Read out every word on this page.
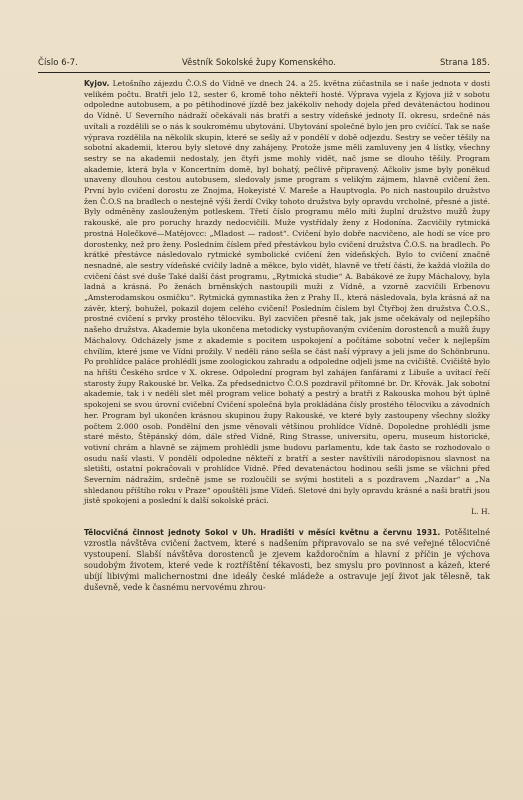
Číslo 6-7.	Věstník Sokolské župy Komenského.	Strana 185.

Kyjov. Letošního zájezdu Č.O.S do Vídně ve dnech 24. a 25. května zúčastnila se i naše jednota v dosti velikém počtu. Bratři jelo 12, sester 6, kromě toho někteří hosté. Výprava vyjela z Kyjova již v sobotu odpoledne autobusem, a po pětihodinové jízdě bez jakékoliv nehody dojela před devátenáctou hodinou do Vídně. U Severního nádraží očekávali nás bratři a sestry vídeňské jednoty II. okresu, srdečně nás uvítali a rozdělili se o nás k soukromému ubytování. Ubytování společné bylo jen pro cvičící. Tak se naše výprava rozdělila na několik skupin, které se sešly až v pondělí v době odjezdu. Sestry se večer těšily na sobotní akademii, kterou byly sletové dny zahájeny. Protože jsme měli zamluveny jen 4 lístky, všechny sestry se na akademii nedostaly, jen čtyři jsme mohly vidět, nač jsme se dlouho těšily. Program akademie, která byla v Koncertním domě, byl bohatý, pečlivě připravený. Ačkoliv jsme byly poněkud unaveny dlouhou cestou autobusem, sledovaly jsme program s velikým zájmem, hlavně cvičení žen. První bylo cvičení dorostu ze Znojma, Hokeyisté V. Mareše a Hauptvogla. Po nich nastoupilo družstvo žen Č.O.S na bradlech o nestejně výši žerdí Cviky tohoto družstva byly opravdu vrcholné, přesné a jisté. Byly odměněny zaslouženým potleskem. Třetí číslo programu mělo míti župlní družstvo mužů župy rakouské, ale pro poruchy hrazdy nedocvičili. Muže vystřídaly ženy z Hodonína. Zacvičily rytmická prostná Holečkové—Matějovcc: „Mladost — radost“. Cvičení bylo dobře nacvičeno, ale hodí se více pro dorostenky, než pro ženy. Posledním číslem před přestávkou bylo cvičení družstva Č.O.S. na bradlech. Po krátké přestávce následovalo rytmické symbolické cvičení žen vídeňských. Bylo to cvičení značně nesnadné, ale sestry vídeňské cvičily ladně a měkce, bylo vidět, hlavně ve třetí části, že každá vložila do cvičení část své duše Také další část programu, „Rytmická studie“ A. Babákové ze župy Máchalovy, byla ladná a krásná. Po ženách brněnských nastoupili muži z Vídně, a vzorně zacvičili Erbenovu „Amsterodamskou osmičku“. Rytmická gymnastika žen z Prahy II., která následovala, byla krásná až na závěr, který, bohužel, pokazil dojem celého cvičení! Posledním číslem byl Čtyřboj žen družstva Č.O.S., prostné cvičení s prvky prostého tělocviku. Byl zacvičen přesně tak, jak jsme očekávaly od nejlepšího našeho družstva. Akademie byla ukončena metodicky vystupňovaným cvičením dorostenců a mužů župy Máchalovy. Odcházely jsme z akademie s pocitem uspokojení a počítáme sobotní večer k nejlepším chvílím, které jsme ve Vídni prožily. V neděli ráno sešla se část naší výpravy a jeli jsme do Schönbrunu. Po prohlídce paláce prohlédli jsme zoologickou zahradu a odpoledne odjeli jsme na cvičiště. Cvičiště bylo na hřišti Českého srdce v X. okrese. Odpolední program byl zahájen fanfárami z Libuše a uvítací řečí starosty župy Rakouské br. Velka. Za předsednictvo Č.O.S pozdravil přítomné br. Dr. Křovák. Jak sobotní akademie, tak i v neděli slet měl program velice bohatý a pestrý a bratři z Rakouska mohou být úplně spokojeni se svou úrovní cvičební Cvičení společná byla prokládána čísly prostého tělocviku a závodních her. Program byl ukončen krásnou skupinou župy Rakouské, ve které byly zastoupeny všechny složky počtem 2.000 osob. Pondělní den jsme věnovali většinou prohlídce Vídně. Dopoledne prohlédli jsme staré město, Štěpánský dóm, dále střed Vídně, Ring Strasse, universitu, operu, museum historické, votivní chrám a hlavně se zájmem prohlédli jsme budovu parlamentu, kde tak často se rozhodovalo o osudu naší vlasti. V pondělí odpoledne někteří z bratří a sester navštívili národopisnou slavnost na sletišti, ostatní pokračovali v prohlídce Vídně. Před devatenáctou hodinou sešli jsme se všichni před Severním nádražím, srdečně jsme se rozloučili se svými hostiteli a s pozdravem „Nazdar“ a „Na shledanou příštího roku v Praze“ opouštěli jsme Vídeň. Sletové dni byly opravdu krásné a naši bratři jsou jistě spokojeni a poslední k další sokolské práci.
L. H.

Tělocvičná činnost jednoty Sokol v Uh. Hradišti v měsíci květnu a červnu 1931. Potěšitelné vzrostla návštěva cvičení žactvem, které s nadšením připravovalo se na své veřejné tělocvičné vystoupení. Slabší návštěva dorostenců je zjevem každoročním a hlavní z příčin je výchova soudobým životem, které vede k roztříštění tékavosti, bez smyslu pro povinnost a kázeň, které ubíjí libivými malichernostmi dne ideály české mládeže a ostravuje její život jak tělesně, tak duševně, vede k časnému nervovému zhrou-
